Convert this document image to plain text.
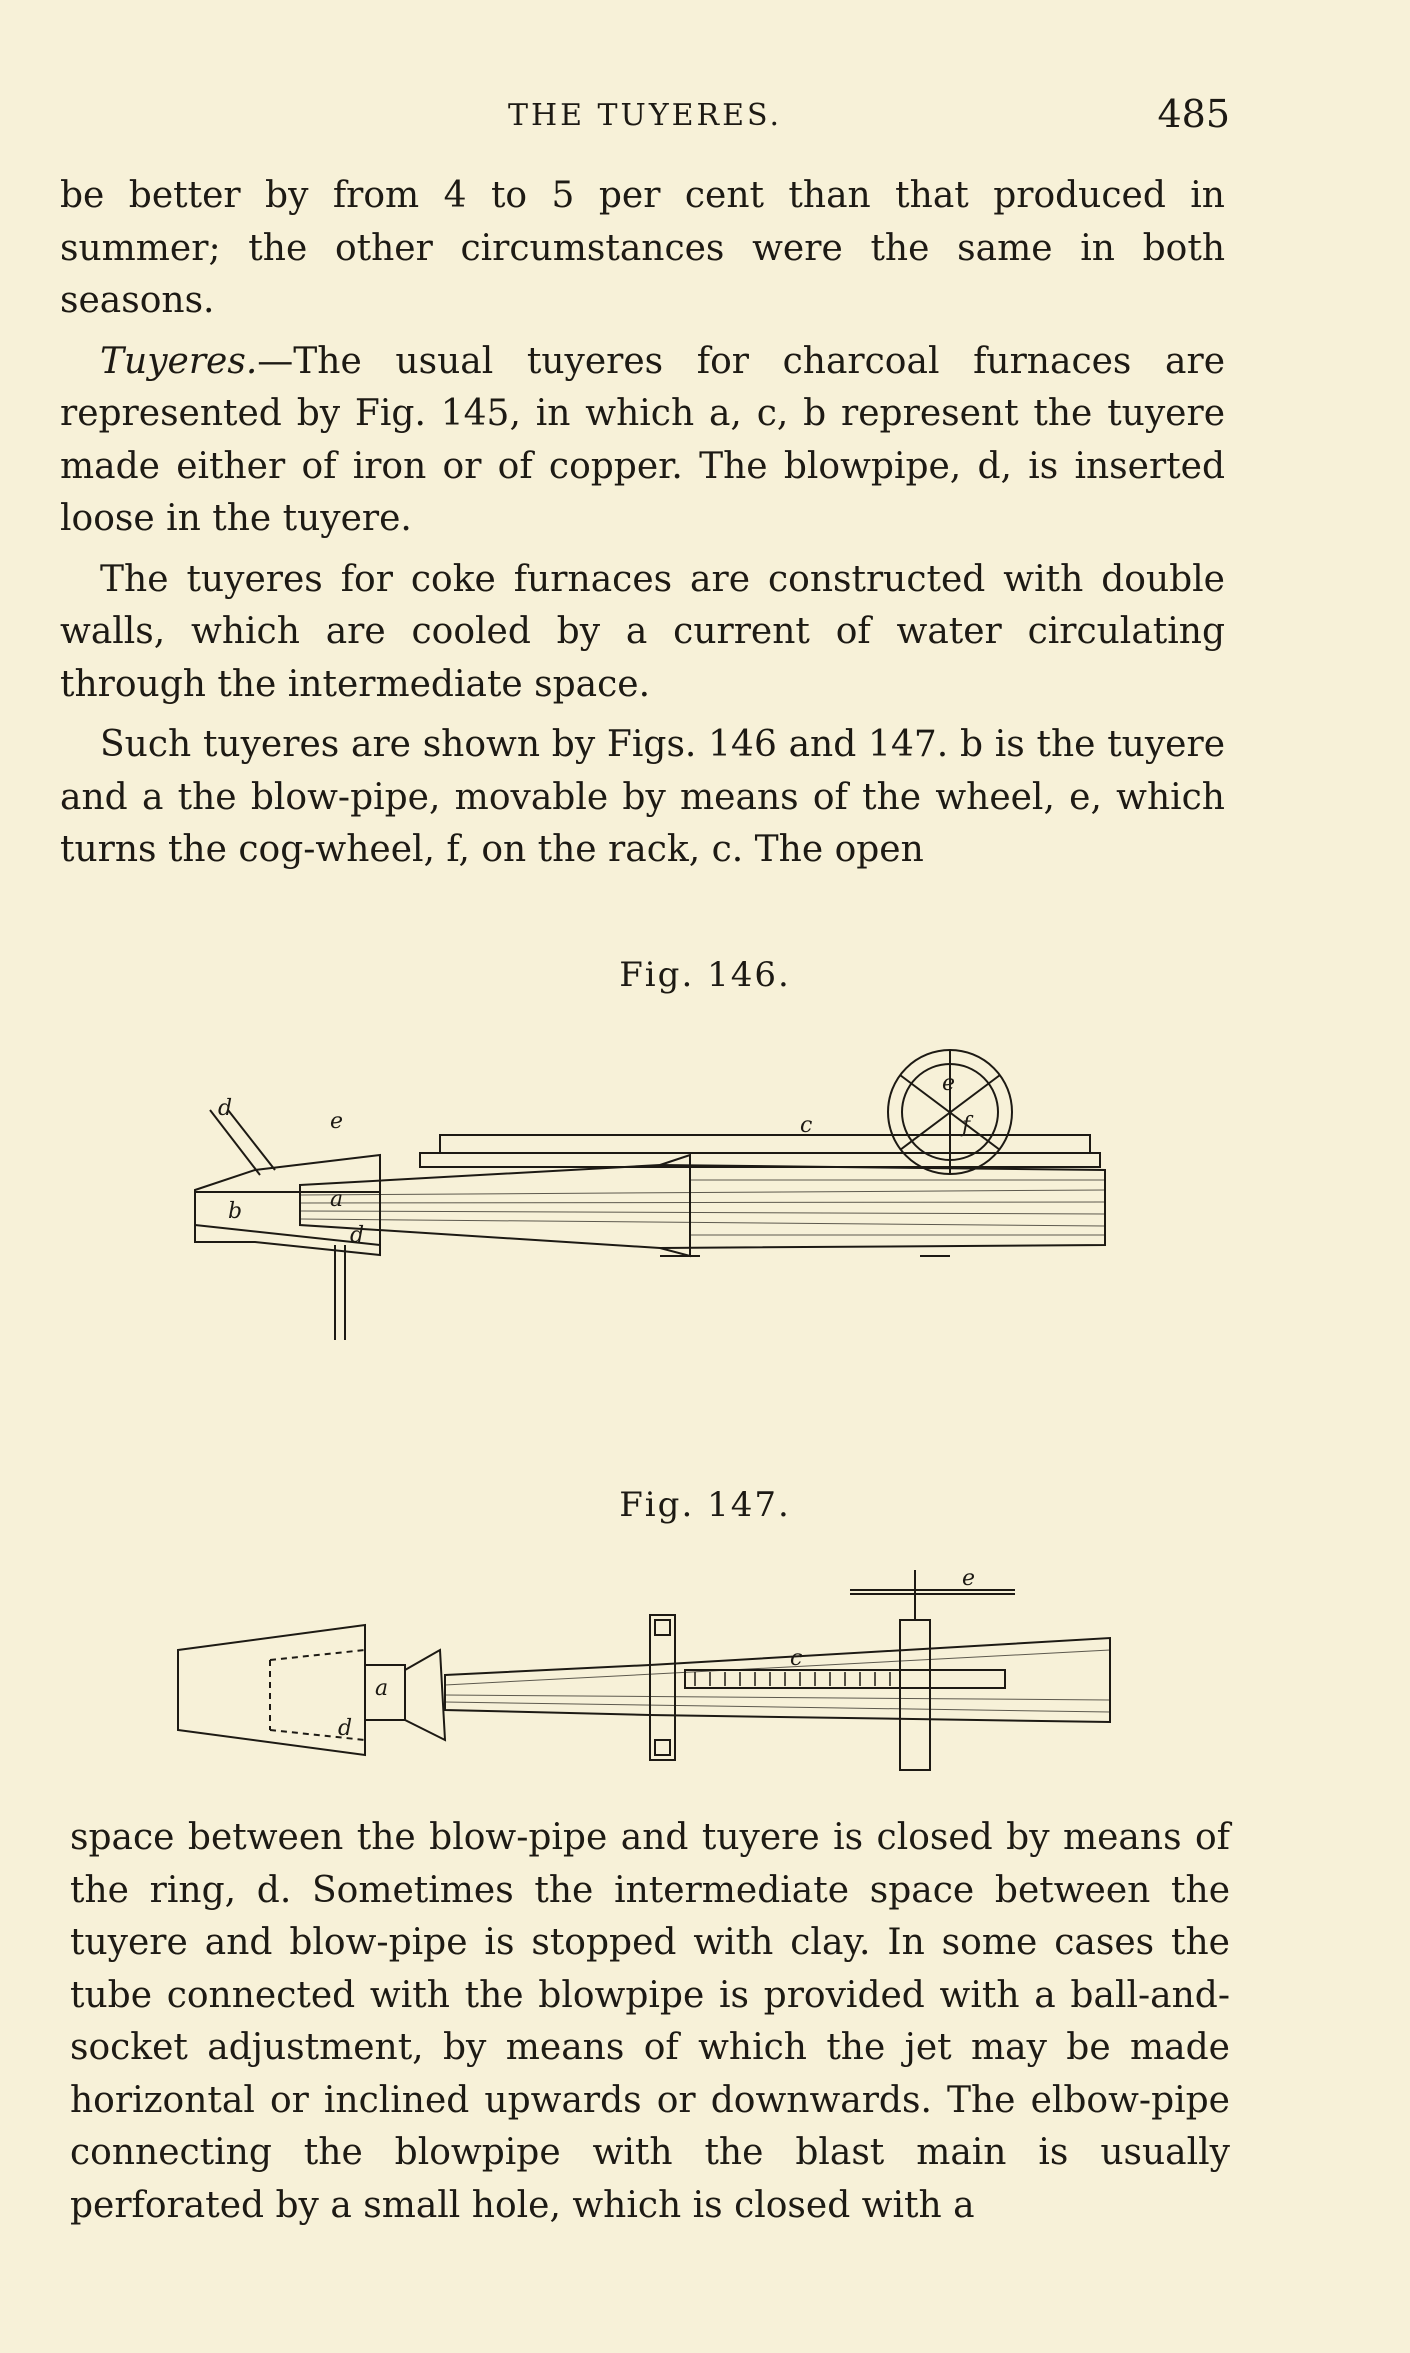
THE TUYERES.	485

be better by from 4 to 5 per cent than that produced in summer; the other circumstances were the same in both seasons.

Tuyeres.—The usual tuyeres for charcoal furnaces are represented by Fig. 145, in which a, c, b represent the tuyere made either of iron or of copper. The blowpipe, d, is inserted loose in the tuyere.

The tuyeres for coke furnaces are constructed with double walls, which are cooled by a current of water circulating through the intermediate space.

Such tuyeres are shown by Figs. 146 and 147. b is the tuyere and a the blow-pipe, movable by means of the wheel, e, which turns the cog-wheel, f, on the rack, c. The open

Fig. 146.
d
e
b	a
d
c
e
f
Fig. 147.
a
d
c
e

space between the blow-pipe and tuyere is closed by means of the ring, d. Sometimes the intermediate space between the tuyere and blow-pipe is stopped with clay. In some cases the tube connected with the blowpipe is provided with a ball-and-socket adjustment, by means of which the jet may be made horizontal or inclined upwards or downwards. The elbow-pipe connecting the blowpipe with the blast main is usually perforated by a small hole, which is closed with a
